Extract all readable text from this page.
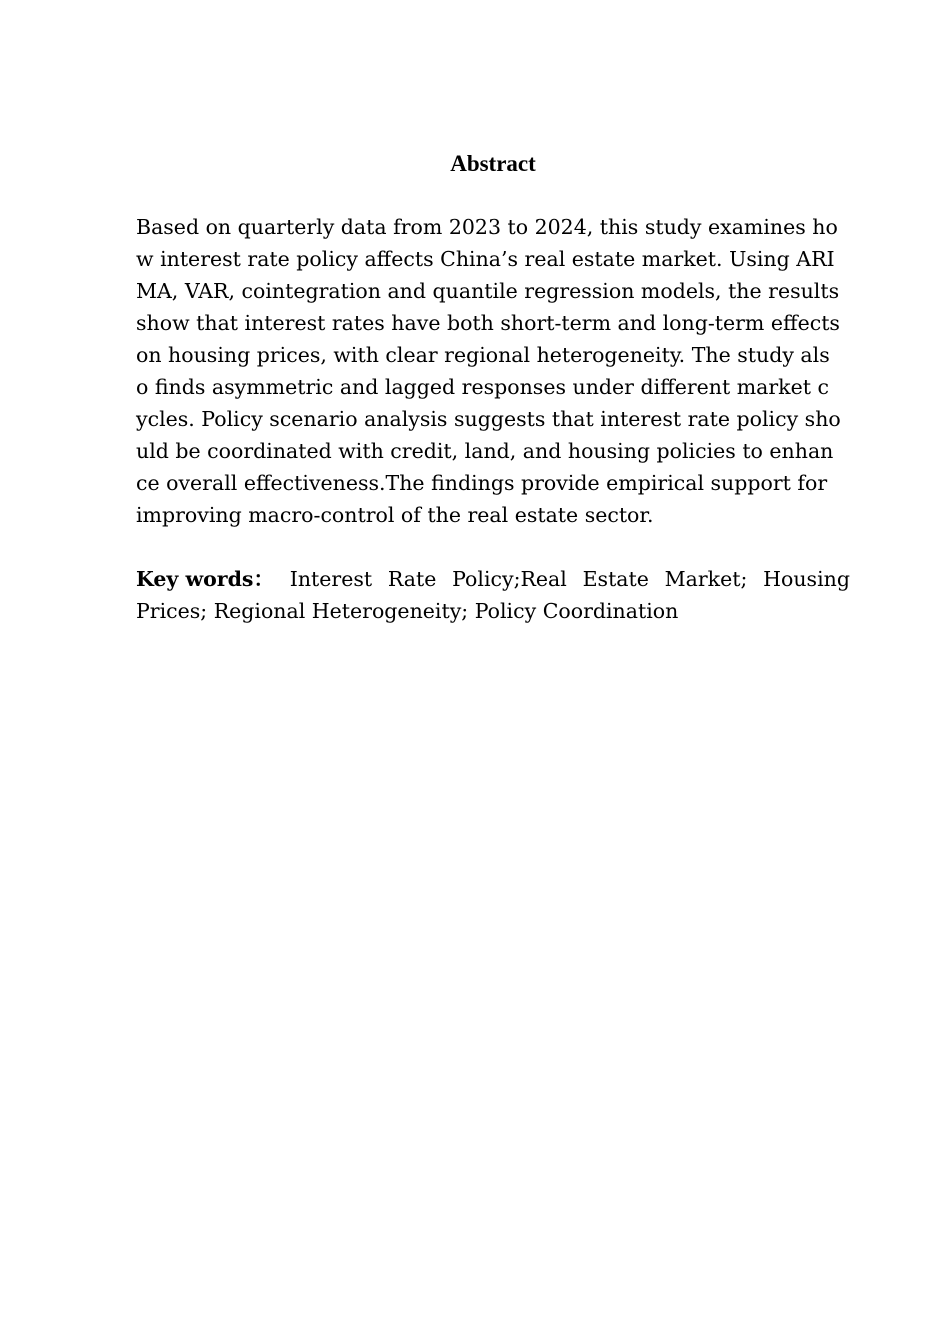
Abstract
Based on quarterly data from 2023 to 2024, this study examines ho
w interest rate policy affects China’s real estate market. Using ARI
MA, VAR, cointegration and quantile regression models, the results
show that interest rates have both short-term and long-term effects
on housing prices, with clear regional heterogeneity. The study als
o finds asymmetric and lagged responses under different market c
ycles. Policy scenario analysis suggests that interest rate policy sho
uld be coordinated with credit, land, and housing policies to enhan
ce overall effectiveness.The findings provide empirical support for
improving macro-control of the real estate sector.
Key words： Interest Rate Policy;Real Estate Market; Housing
Prices; Regional Heterogeneity; Policy Coordination
